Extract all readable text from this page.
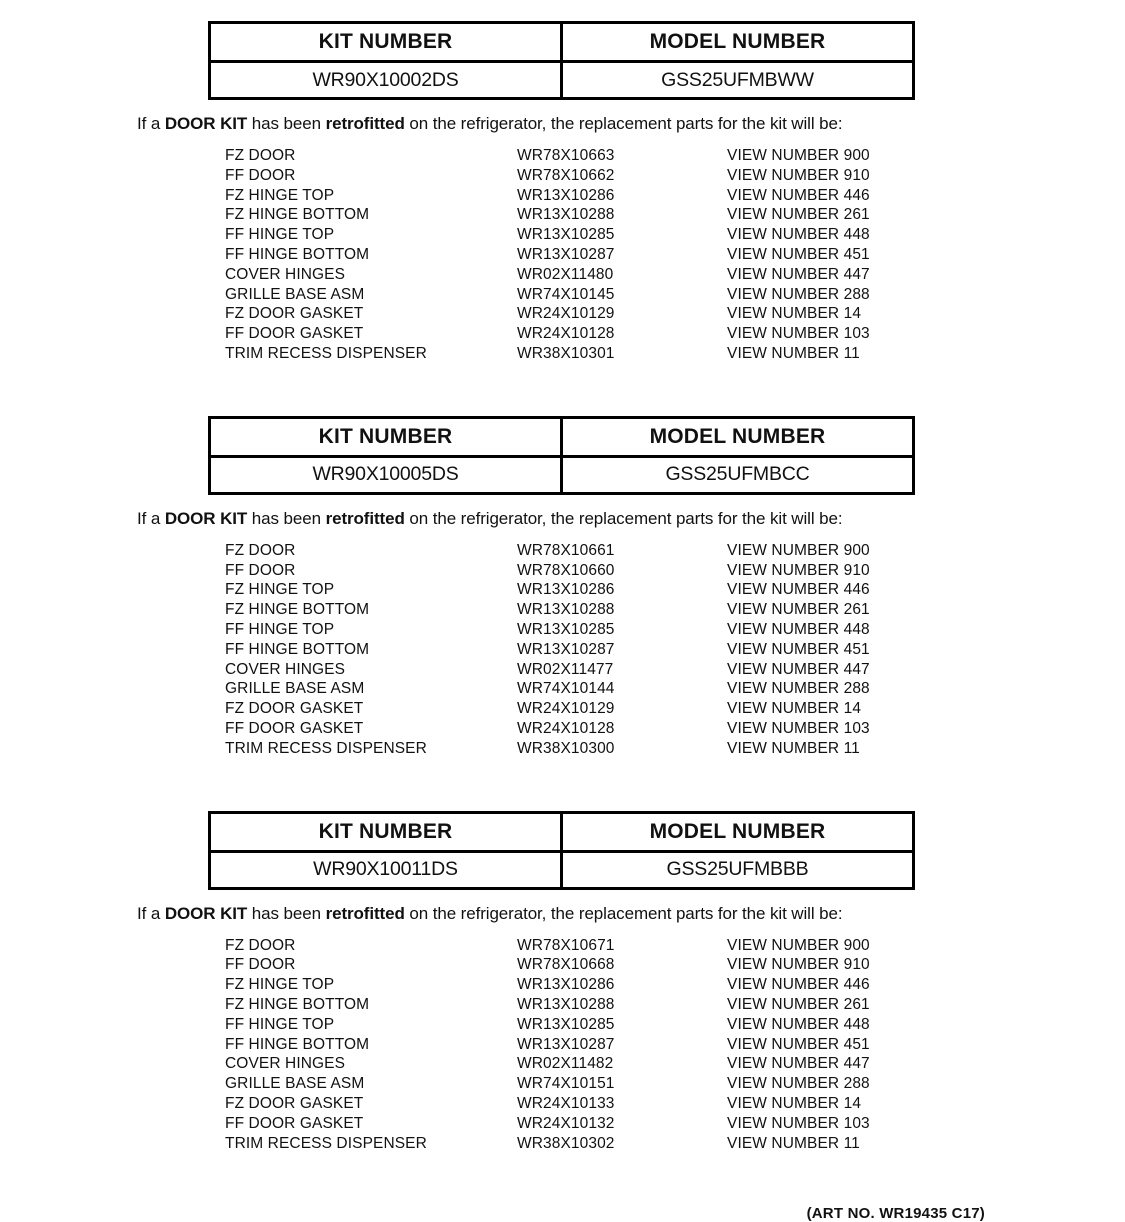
KIT NUMBER	MODEL NUMBER
WR90X10002DS	GSS25UFMBWW
If a DOOR KIT has been retrofitted on the refrigerator, the replacement parts for the kit will be:
FZ DOOR	WR78X10663	VIEW NUMBER 900
FF DOOR	WR78X10662	VIEW NUMBER 910
FZ HINGE TOP	WR13X10286	VIEW NUMBER 446
FZ HINGE BOTTOM	WR13X10288	VIEW NUMBER 261
FF HINGE TOP	WR13X10285	VIEW NUMBER 448
FF HINGE BOTTOM	WR13X10287	VIEW NUMBER 451
COVER HINGES	WR02X11480	VIEW NUMBER 447
GRILLE BASE ASM	WR74X10145	VIEW NUMBER 288
FZ DOOR GASKET	WR24X10129	VIEW NUMBER 14
FF DOOR GASKET	WR24X10128	VIEW NUMBER 103
TRIM RECESS DISPENSER	WR38X10301	VIEW NUMBER 11
KIT NUMBER	MODEL NUMBER
WR90X10005DS	GSS25UFMBCC
If a DOOR KIT has been retrofitted on the refrigerator, the replacement parts for the kit will be:
FZ DOOR	WR78X10661	VIEW NUMBER 900
FF DOOR	WR78X10660	VIEW NUMBER 910
FZ HINGE TOP	WR13X10286	VIEW NUMBER 446
FZ HINGE BOTTOM	WR13X10288	VIEW NUMBER 261
FF HINGE TOP	WR13X10285	VIEW NUMBER 448
FF HINGE BOTTOM	WR13X10287	VIEW NUMBER 451
COVER HINGES	WR02X11477	VIEW NUMBER 447
GRILLE BASE ASM	WR74X10144	VIEW NUMBER 288
FZ DOOR GASKET	WR24X10129	VIEW NUMBER 14
FF DOOR GASKET	WR24X10128	VIEW NUMBER 103
TRIM RECESS DISPENSER	WR38X10300	VIEW NUMBER 11
KIT NUMBER	MODEL NUMBER
WR90X10011DS	GSS25UFMBBB
If a DOOR KIT has been retrofitted on the refrigerator, the replacement parts for the kit will be:
FZ DOOR	WR78X10671	VIEW NUMBER 900
FF DOOR	WR78X10668	VIEW NUMBER 910
FZ HINGE TOP	WR13X10286	VIEW NUMBER 446
FZ HINGE BOTTOM	WR13X10288	VIEW NUMBER 261
FF HINGE TOP	WR13X10285	VIEW NUMBER 448
FF HINGE BOTTOM	WR13X10287	VIEW NUMBER 451
COVER HINGES	WR02X11482	VIEW NUMBER 447
GRILLE BASE ASM	WR74X10151	VIEW NUMBER 288
FZ DOOR GASKET	WR24X10133	VIEW NUMBER 14
FF DOOR GASKET	WR24X10132	VIEW NUMBER 103
TRIM RECESS DISPENSER	WR38X10302	VIEW NUMBER 11
(ART NO. WR19435 C17)
